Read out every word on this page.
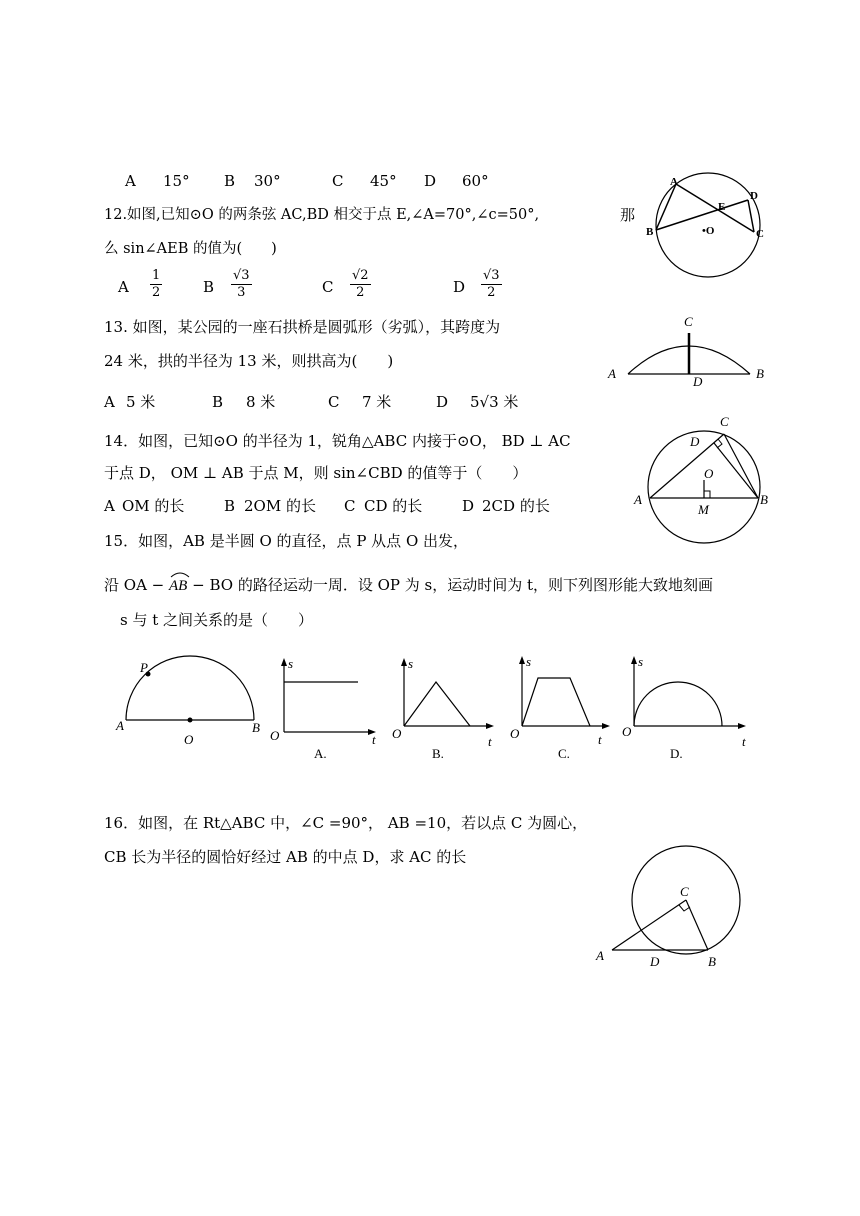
A 15° B 30°	C 45° D 60°
12.如图,已知⊙O 的两条弦 AC,BD 相交于点 E,∠A=70°,∠c=50°,	那
么 sin∠AEB 的值为(　　)
A $\frac{1}{2}$	B $\frac{√3}{3}$	C $\frac{√2}{2}$	D $\frac{√3}{2}$
A
B
D
C
E
•O
13. 如图，某公园的一座石拱桥是圆弧形（劣弧），其跨度为
24 米，拱的半径为 13 米，则拱高为(　　)
A 5 米	B 8 米	C 7 米	D 5√3 米
C
A	B
D
14．如图，已知⊙O 的半径为 1，锐角△ABC 内接于⊙O， BD ⊥ AC
于点 D， OM ⊥ AB 于点 M，则 sin∠CBD 的值等于（　　）
A OM 的长	B 2OM 的长 C CD 的长	D 2CD 的长
C
D
O
A	B
M
15．如图，AB 是半圆 O 的直径，点 P 从点 O 出发，
沿 OA −
AB − BO 的路径运动一周．设 OP 为 s，运动时间为 t，则下列图形能大致地刻画
s 与 t 之间关系的是（　　）
P
A	B
O
s
t
O
A.
s
t
O
B.
s
t
O
C.
s
t
O
D.
16．如图，在 Rt△ABC 中，∠C =90°， AB =10，若以点 C 为圆心，
CB 长为半径的圆恰好经过 AB 的中点 D，求 AC 的长
C
A	D	B
